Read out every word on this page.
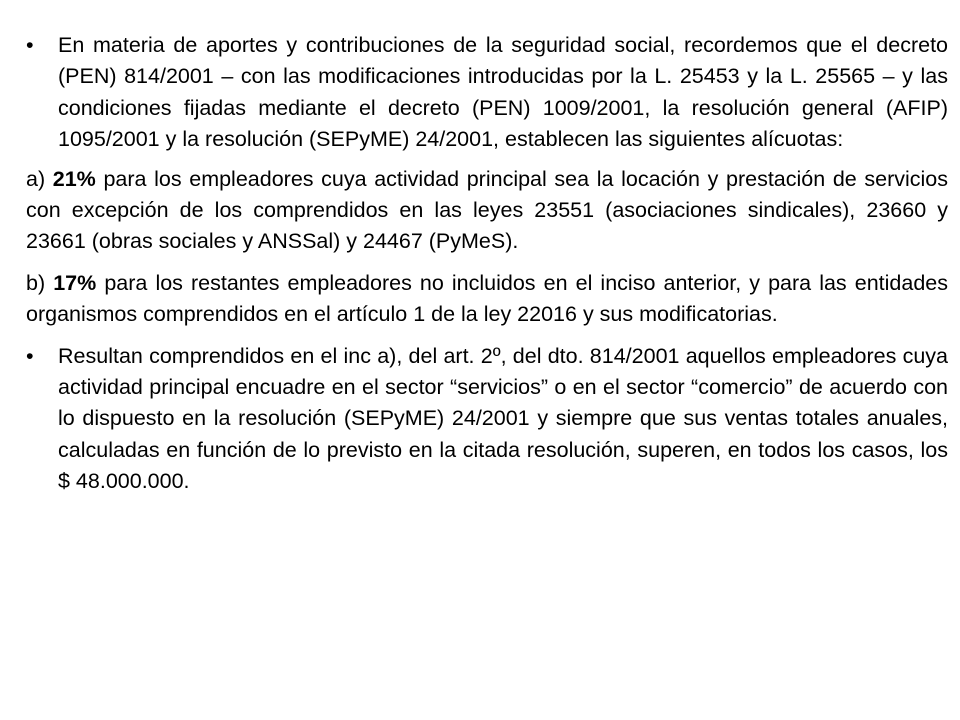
• En materia de aportes y contribuciones de la seguridad social, recordemos que el decreto (PEN) 814/2001 – con las modificaciones introducidas por la L. 25453 y la L. 25565 – y las condiciones fijadas mediante el decreto (PEN) 1009/2001, la resolución general (AFIP) 1095/2001 y la resolución (SEPyME) 24/2001, establecen las siguientes alícuotas:
a) 21% para los empleadores cuya actividad principal sea la locación y prestación de servicios con excepción de los comprendidos en las leyes 23551 (asociaciones sindicales), 23660 y 23661 (obras sociales y ANSSal) y 24467 (PyMeS).
b) 17% para los restantes empleadores no incluidos en el inciso anterior, y para las entidades organismos comprendidos en el artículo 1 de la ley 22016 y sus modificatorias.
• Resultan comprendidos en el inc a), del art. 2º, del dto. 814/2001 aquellos empleadores cuya actividad principal encuadre en el sector “servicios” o en el sector “comercio” de acuerdo con lo dispuesto en la resolución (SEPyME) 24/2001 y siempre que sus ventas totales anuales, calculadas en función de lo previsto en la citada resolución, superen, en todos los casos, los $ 48.000.000.
